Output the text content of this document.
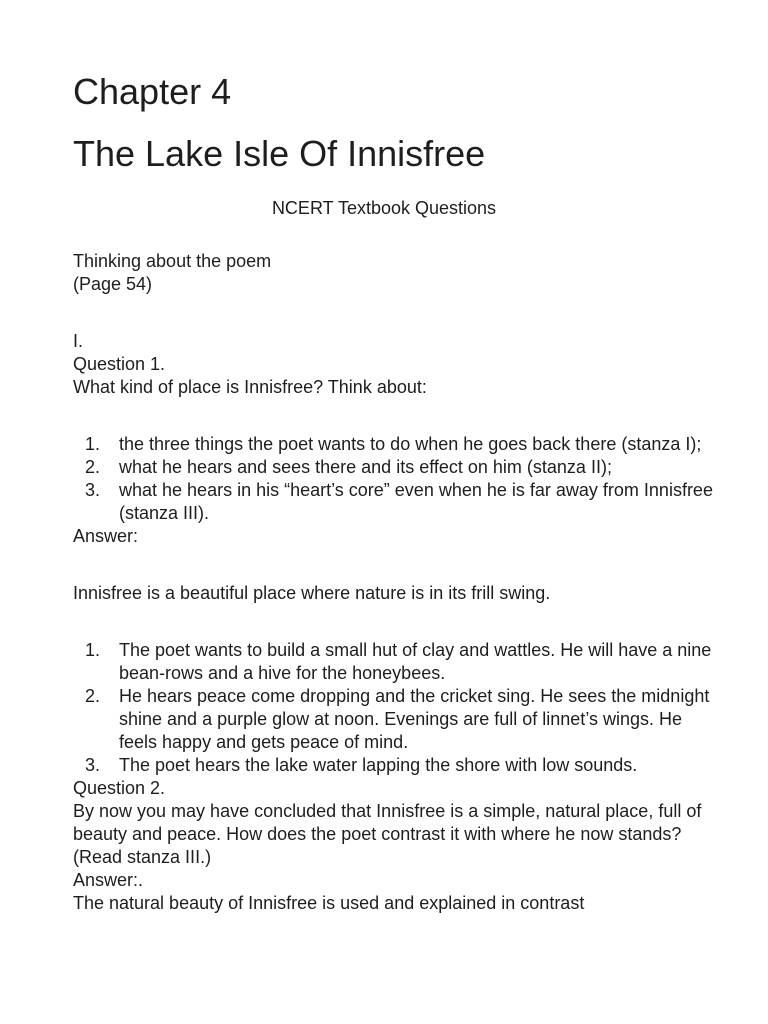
Chapter 4
The Lake Isle Of Innisfree
NCERT Textbook Questions

Thinking about the poem

(Page 54)

I.

Question 1.

What kind of place is Innisfree? Think about:

1. the three things the poet wants to do when he goes back there (stanza I);
2. what he hears and sees there and its effect on him (stanza II);
3. what he hears in his “heart’s core” even when he is far away from Innisfree (stanza III).

Answer:

Innisfree is a beautiful place where nature is in its frill swing.

1. The poet wants to build a small hut of clay and wattles. He will have a nine bean-rows and a hive for the honeybees.
2. He hears peace come dropping and the cricket sing. He sees the midnight shine and a purple glow at noon. Evenings are full of linnet’s wings. He feels happy and gets peace of mind.
3. The poet hears the lake water lapping the shore with low sounds.

Question 2.

By now you may have concluded that Innisfree is a simple, natural place, full of beauty and peace. How does the poet contrast it with where he now stands? (Read stanza III.)

Answer:.

The natural beauty of Innisfree is used and explained in contrast
